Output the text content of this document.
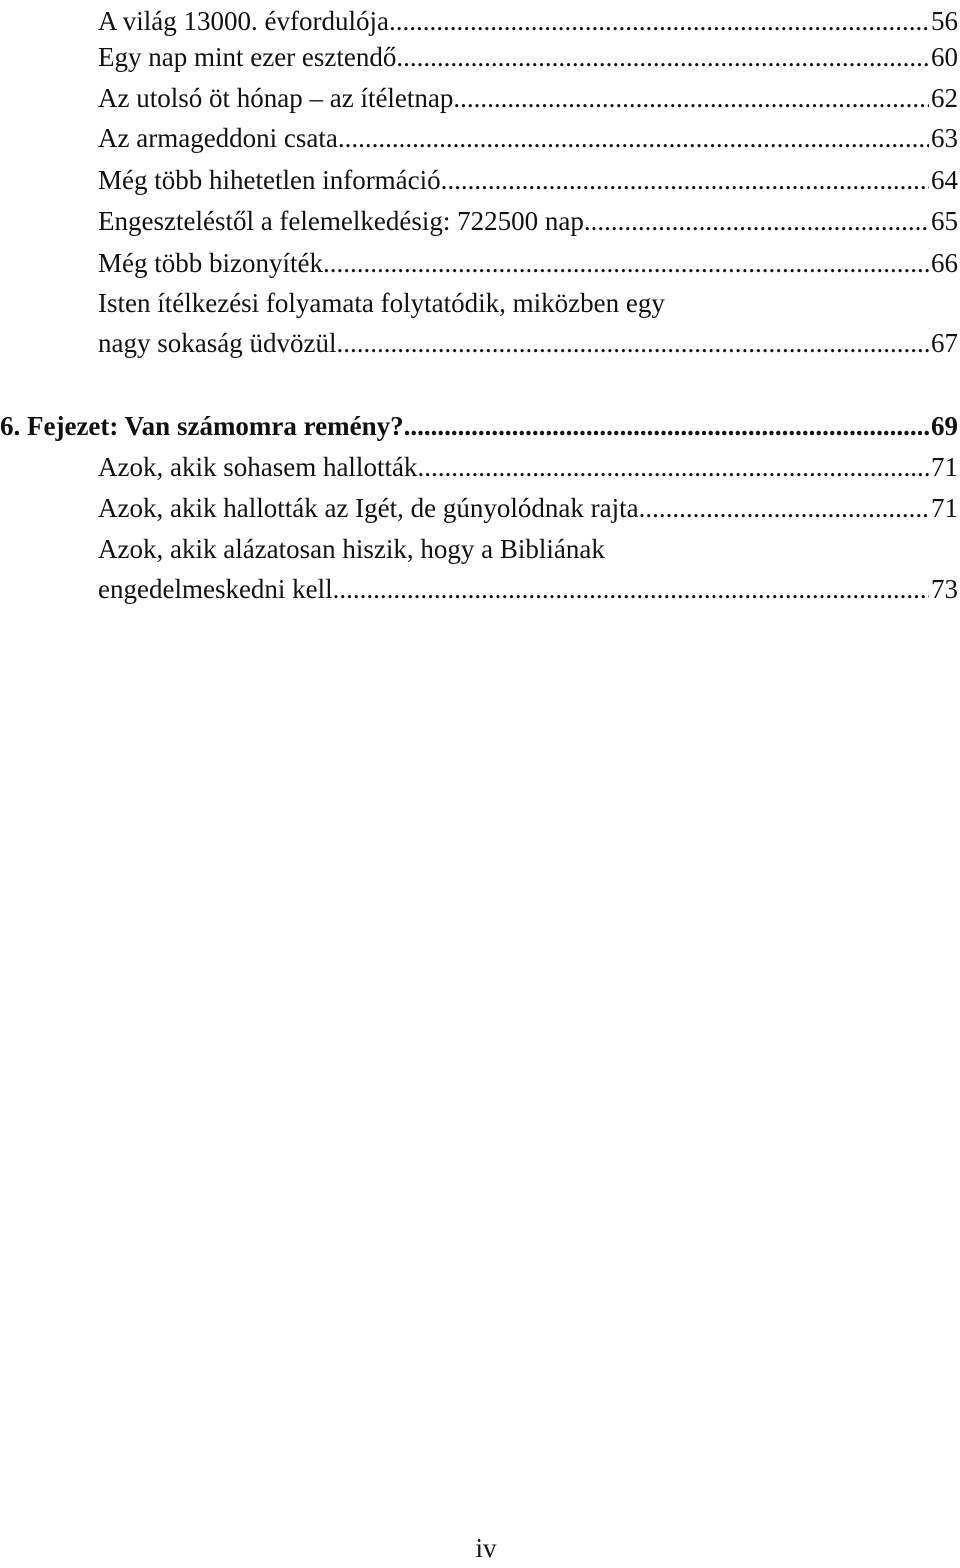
A világ 13000. évfordulója .....	56
Egy nap mint ezer esztendő .....	60
Az utolsó öt hónap – az ítéletnap .....	62
Az armageddoni csata .....	63
Még több hihetetlen információ .....	64
Engeszteléstől a felemelkedésig: 722500 nap .....	65
Még több bizonyíték .....	66
Isten ítélkezési folyamata folytatódik, miközben egy
nagy sokaság üdvözül .....	67
6. Fejezet: Van számomra remény? .....	69
Azok, akik sohasem hallották .....	71
Azok, akik hallották az Igét, de gúnyolódnak rajta .....	71
Azok, akik alázatosan hiszik, hogy a Bibliának
engedelmeskedni kell .....	73
iv
